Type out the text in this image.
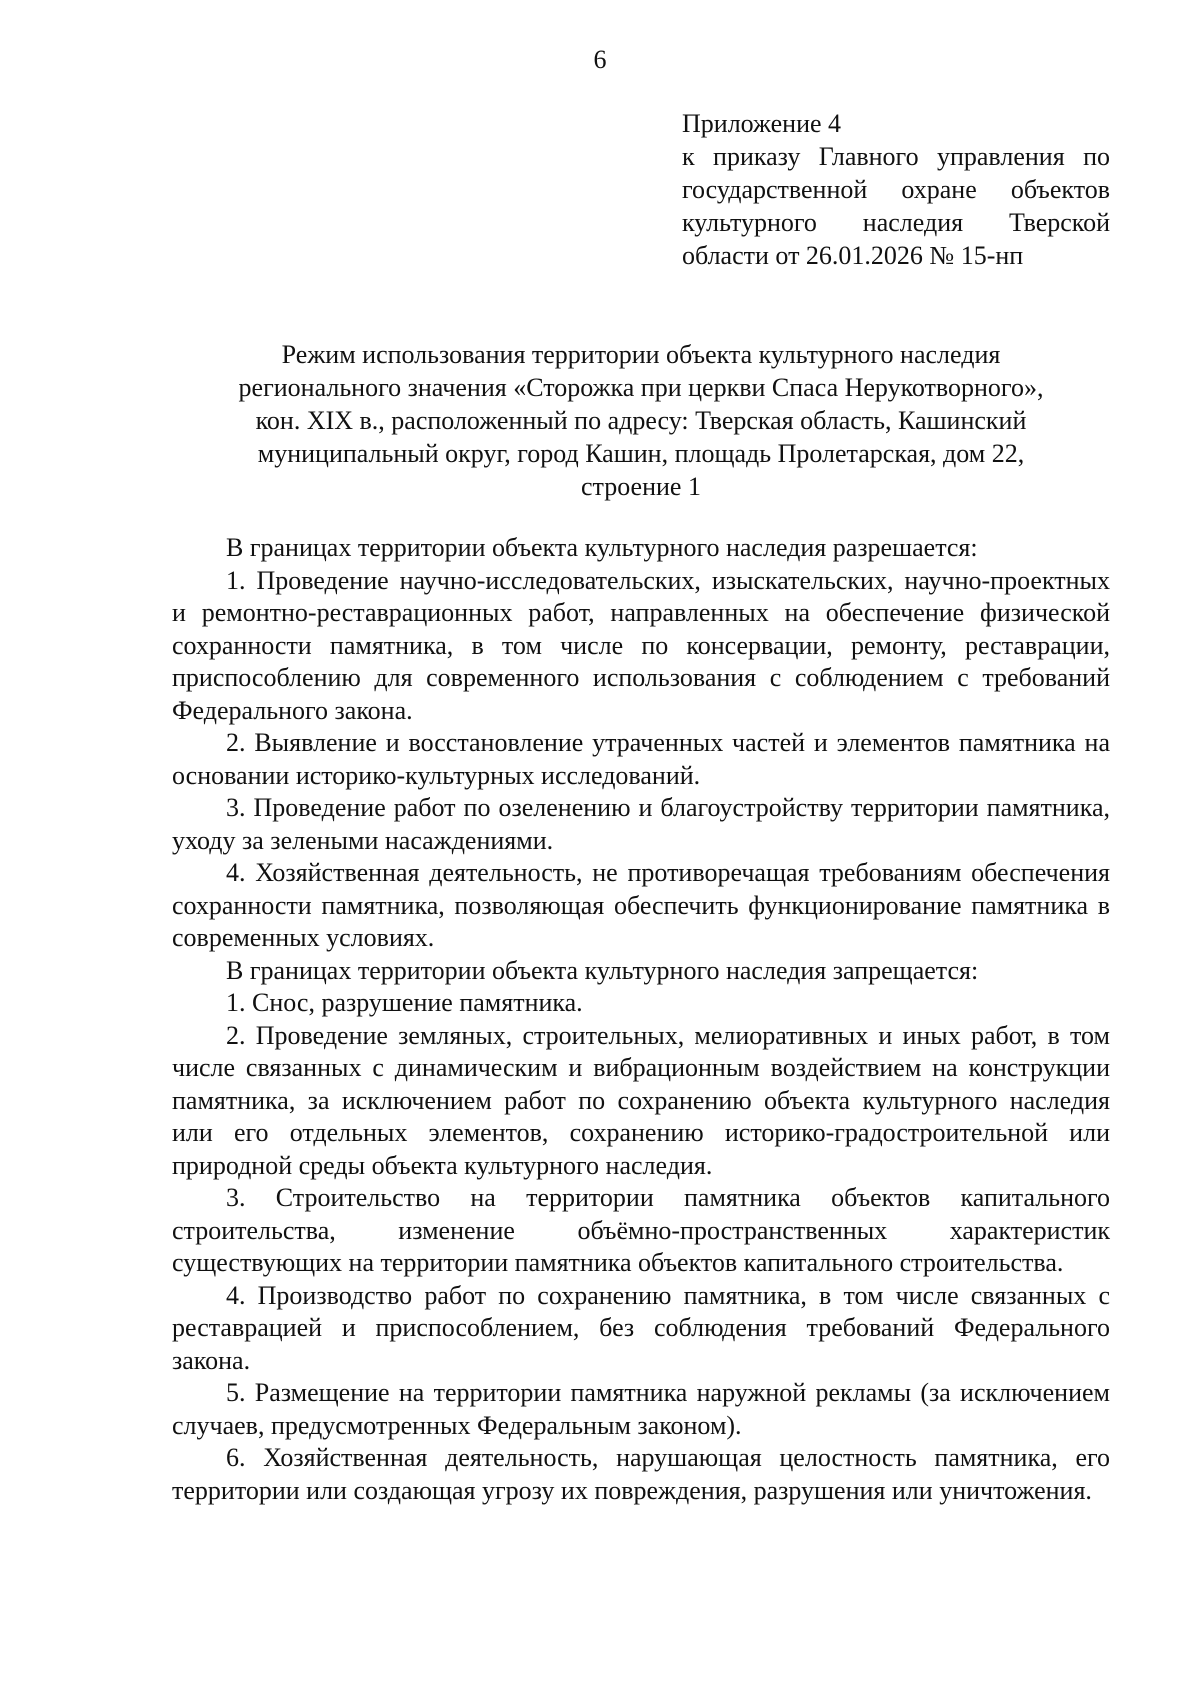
6
Приложение 4
к приказу Главного управления по
государственной охране объектов
культурного наследия Тверской
области от 26.01.2026 № 15-нп
Режим использования территории объекта культурного наследия
регионального значения «Сторожка при церкви Спаса Нерукотворного»,
кон. XIX в., расположенный по адресу: Тверская область, Кашинский
муниципальный округ, город Кашин, площадь Пролетарская, дом 22,
строение 1

В границах территории объекта культурного наследия разрешается:

1. Проведение научно-исследовательских, изыскательских, научно-проектных и ремонтно-реставрационных работ, направленных на обеспечение физической сохранности памятника, в том числе по консервации, ремонту, реставрации, приспособлению для современного использования с соблюдением с требований Федерального закона.

2. Выявление и восстановление утраченных частей и элементов памятника на основании историко-культурных исследований.

3. Проведение работ по озеленению и благоустройству территории памятника, уходу за зелеными насаждениями.

4. Хозяйственная деятельность, не противоречащая требованиям обеспечения сохранности памятника, позволяющая обеспечить функционирование памятника в современных условиях.

В границах территории объекта культурного наследия запрещается:

1. Снос, разрушение памятника.

2. Проведение земляных, строительных, мелиоративных и иных работ, в том числе связанных с динамическим и вибрационным воздействием на конструкции памятника, за исключением работ по сохранению объекта культурного наследия или его отдельных элементов, сохранению историко-градостроительной или природной среды объекта культурного наследия.

3. Строительство на территории памятника объектов капитального строительства, изменение объёмно-пространственных характеристик существующих на территории памятника объектов капитального строительства.

4. Производство работ по сохранению памятника, в том числе связанных с реставрацией и приспособлением, без соблюдения требований Федерального закона.

5. Размещение на территории памятника наружной рекламы (за исключением случаев, предусмотренных Федеральным законом).

6. Хозяйственная деятельность, нарушающая целостность памятника, его территории или создающая угрозу их повреждения, разрушения или уничтожения.
